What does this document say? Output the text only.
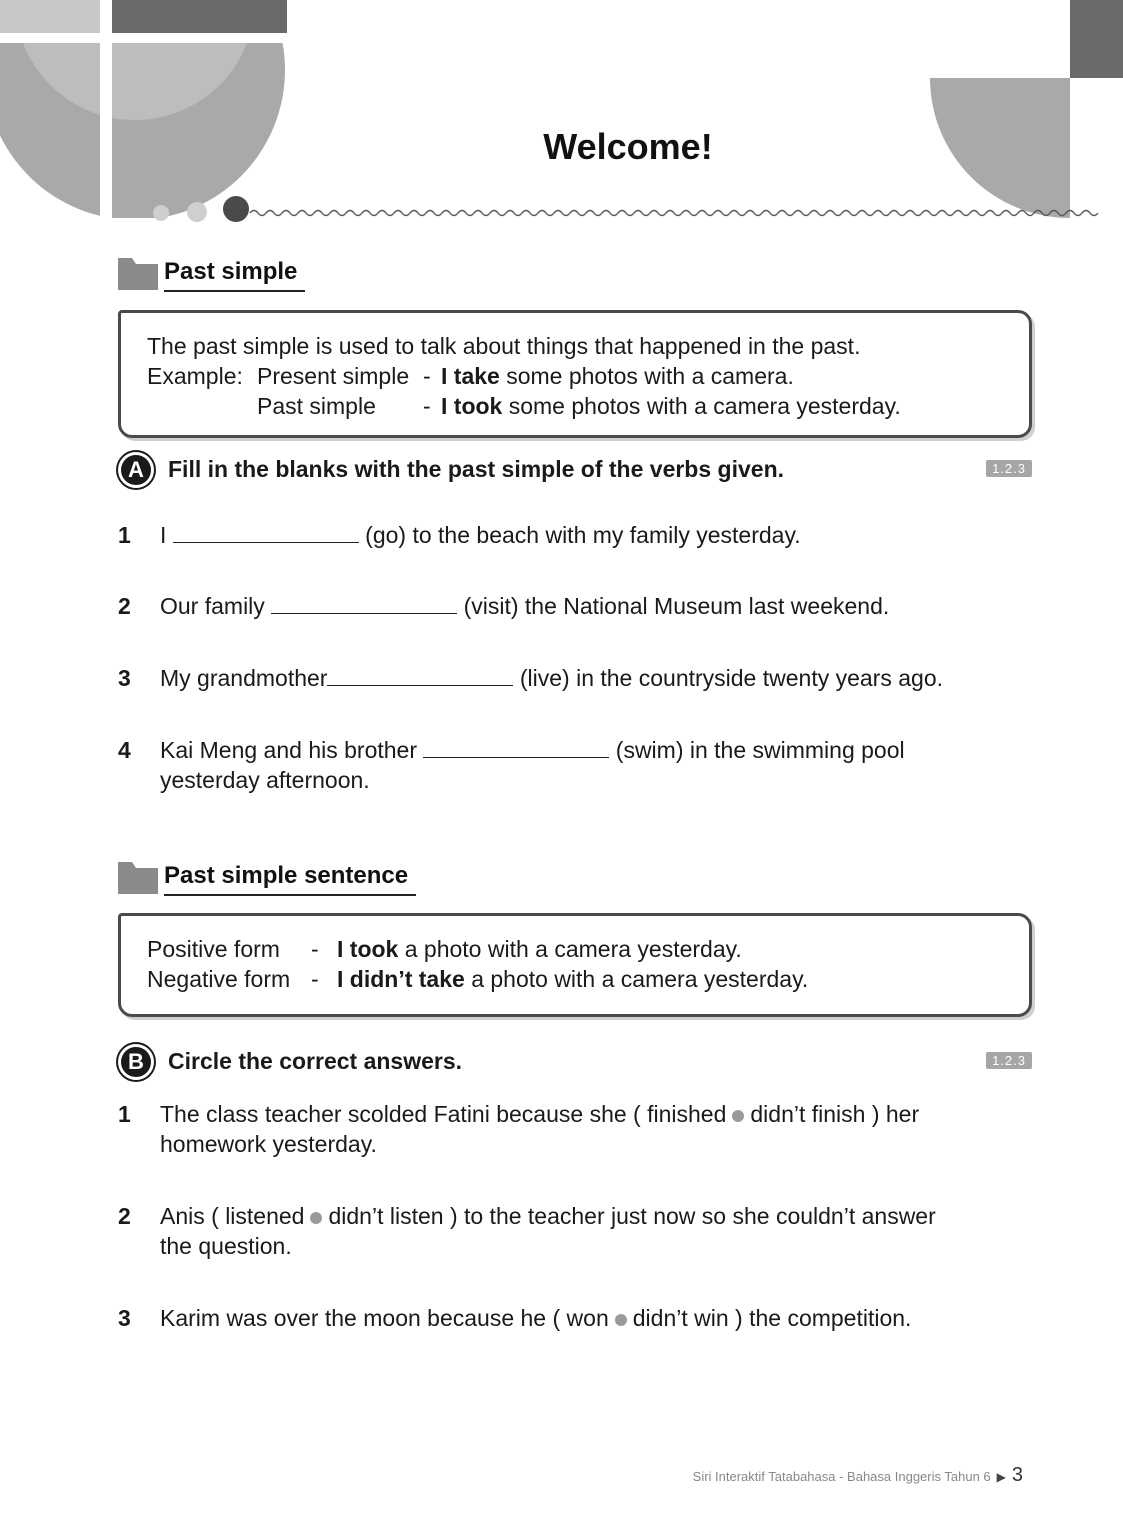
Welcome!
Past simple
The past simple is used to talk about things that happened in the past.
Example: Present simple - I take some photos with a camera.
Past simple - I took some photos with a camera yesterday.
A	Fill in the blanks with the past simple of the verbs given.	1.2.3
1 I	(go) to the beach with my family yesterday.
2 Our family	(visit) the National Museum last weekend.
3 My grandmother	(live) in the countryside twenty years ago.
4 Kai Meng and his brother	(swim) in the swimming pool
yesterday afternoon.
Past simple sentence
Positive form - I took a photo with a camera yesterday.
Negative form - I didn’t take a photo with a camera yesterday.
B	Circle the correct answers.	1.2.3
1 The class teacher scolded Fatini because she ( finished didn’t finish ) her
homework yesterday.
2 Anis ( listened didn’t listen ) to the teacher just now so she couldn’t answer
the question.
3 Karim was over the moon because he ( won didn’t win ) the competition.
Siri Interaktif Tatabahasa - Bahasa Inggeris Tahun 6 ▶ 3
